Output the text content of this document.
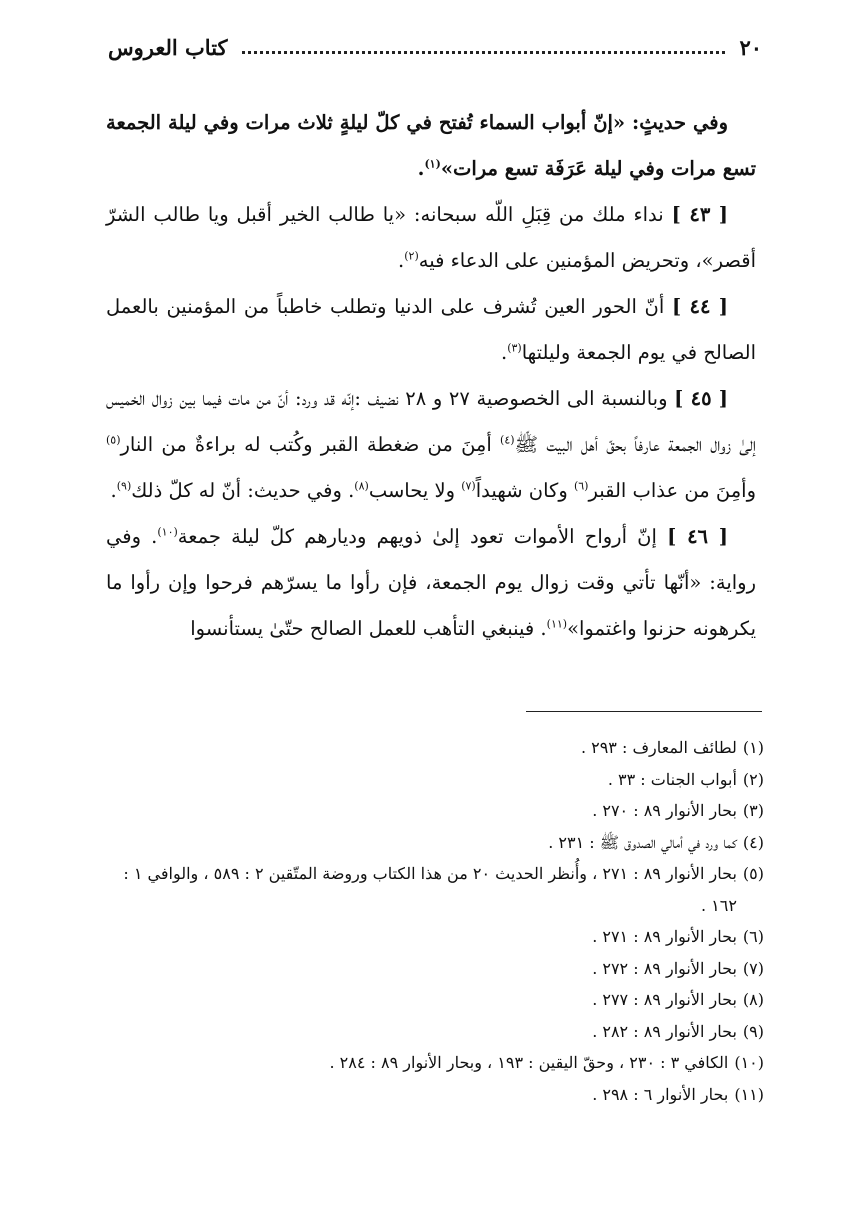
٢٠
كتاب العروس

وفي حديثٍ: «إنّ أبواب السماء تُفتح في كلّ ليلةٍ ثلاث مرات وفي ليلة الجمعة تسع مرات وفي ليلة عَرَفَة تسع مرات»$^{(١)}$.

[ ٤٣ ] نداء ملك من قِبَلِ اللّه سبحانه: «يا طالب الخير أقبل ويا طالب الشرّ أقصر»، وتحريض المؤمنين على الدعاء فيه$^{(٢)}$.

[ ٤٤ ] أنّ الحور العين تُشرف على الدنيا وتطلب خاطباً من المؤمنين بالعمل الصالح في يوم الجمعة وليلتها$^{(٣)}$.

[ ٤٥ ] وبالنسبة الى الخصوصية ٢٧ و ٢٨ نضيف :إنّه قد ورد: أنّ من مات فيما بين زوال الخميس إلىٰ زوال الجمعة عارفاً بحقّ أهل البيت ﷺ$^{(٤)}$ أمِنَ من ضغطة القبر وكُتب له براءةٌ من النار$^{(٥)}$ وأمِنَ من عذاب القبر$^{(٦)}$ وكان شهيداً$^{(٧)}$ ولا يحاسب$^{(٨)}$. وفي حديث: أنّ له كلّ ذلك$^{(٩)}$.

[ ٤٦ ] إنّ أرواح الأموات تعود إلىٰ ذويهم وديارهم كلّ ليلة جمعة$^{(١٠)}$. وفي رواية: «أنّها تأتي وقت زوال يوم الجمعة، فإن رأوا ما يسرّهم فرحوا وإن رأوا ما يكرهونه حزنوا واغتموا»$^{(١١)}$. فينبغي التأهب للعمل الصالح حتّىٰ يستأنسوا

(١)
لطائف المعارف : ٢٩٣ .
(٢)
أبواب الجنات : ٣٣ .
(٣)
بحار الأنوار ٨٩ : ٢٧٠ .
(٤)
كما ورد في أمالي الصدوق ﷺ : ٢٣١ .
(٥)
بحار الأنوار ٨٩ : ٢٧١ ، وأُنظر الحديث ٢٠ من هذا الكتاب وروضة المتّقين ٢ : ٥٨٩ ، والوافي ١ : ١٦٢ .
(٦)
بحار الأنوار ٨٩ : ٢٧١ .
(٧)
بحار الأنوار ٨٩ : ٢٧٢ .
(٨)
بحار الأنوار ٨٩ : ٢٧٧ .
(٩)
بحار الأنوار ٨٩ : ٢٨٢ .
(١٠)
الكافي ٣ : ٢٣٠ ، وحقّ اليقين : ١٩٣ ، وبحار الأنوار ٨٩ : ٢٨٤ .
(١١)
بحار الأنوار ٦ : ٢٩٨ .
